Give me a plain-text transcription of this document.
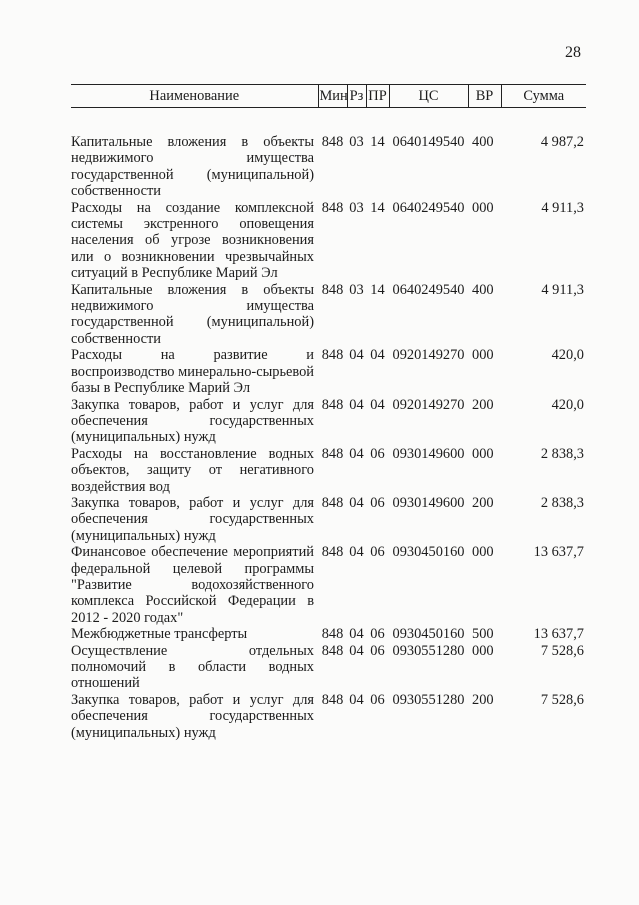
28
Наименование	Мин	Рз	ПР	ЦС	ВР	Сумма

Капитальные вложения в объекты недвижимого имущества государственной (муниципальной) собственности	848	03	14	0640149540	400	4 987,2
Расходы на создание комплексной системы экстренного оповещения населения об угрозе возникновения или о возникновении чрезвычайных ситуаций в Республике Марий Эл	848	03	14	0640249540	000	4 911,3
Капитальные вложения в объекты недвижимого имущества государственной (муниципальной) собственности	848	03	14	0640249540	400	4 911,3
Расходы на развитие и воспроизводство минерально-сырьевой базы в Республике Марий Эл	848	04	04	0920149270	000	420,0
Закупка товаров, работ и услуг для обеспечения государственных (муниципальных) нужд	848	04	04	0920149270	200	420,0
Расходы на восстановление водных объектов, защиту от негативного воздействия вод	848	04	06	0930149600	000	2 838,3
Закупка товаров, работ и услуг для обеспечения государственных (муниципальных) нужд	848	04	06	0930149600	200	2 838,3
Финансовое обеспечение мероприятий федеральной целевой программы "Развитие водохозяйственного комплекса Российской Федерации в 2012 - 2020 годах"	848	04	06	0930450160	000	13 637,7
Межбюджетные трансферты	848	04	06	0930450160	500	13 637,7
Осуществление отдельных полномочий в области водных отношений	848	04	06	0930551280	000	7 528,6
Закупка товаров, работ и услуг для обеспечения государственных (муниципальных) нужд	848	04	06	0930551280	200	7 528,6
